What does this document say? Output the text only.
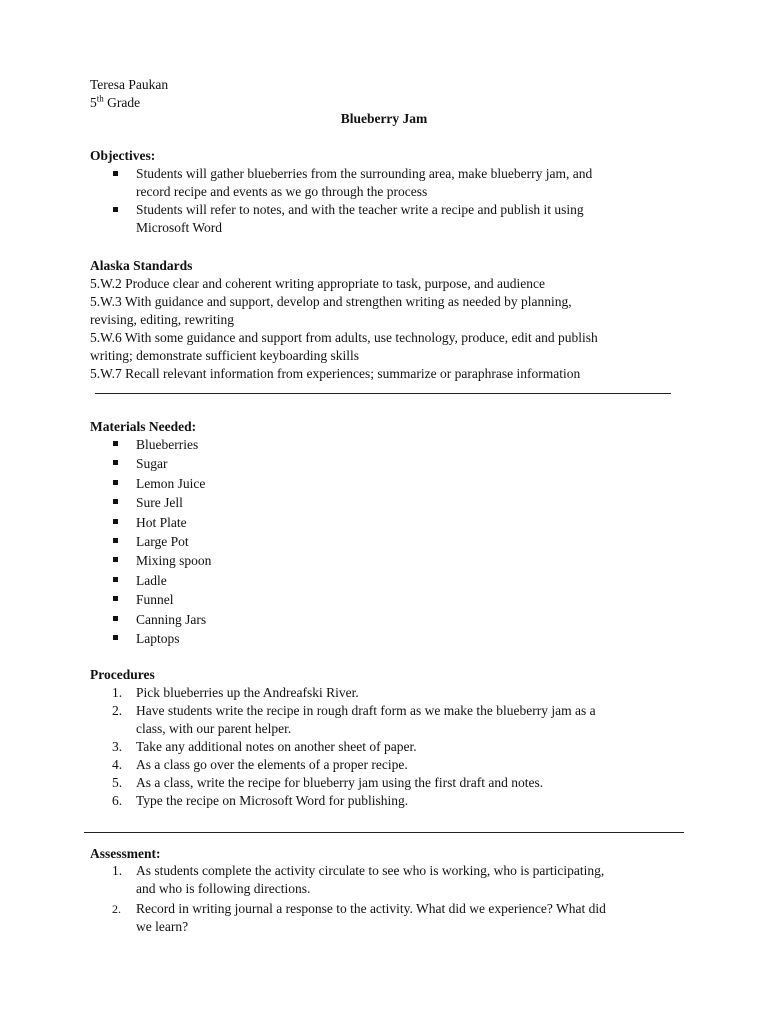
Teresa Paukan

5th Grade

Blueberry Jam

Objectives:

Students will gather blueberries from the surrounding area, make blueberry jam, and
record recipe and events as we go through the process
Students will refer to notes, and with the teacher write a recipe and publish it using
Microsoft Word

Alaska Standards

5.W.2 Produce clear and coherent writing appropriate to task, purpose, and audience
5.W.3 With guidance and support, develop and strengthen writing as needed by planning,
revising, editing, rewriting
5.W.6 With some guidance and support from adults, use technology, produce, edit and publish
writing; demonstrate sufficient keyboarding skills
5.W.7 Recall relevant information from experiences; summarize or paraphrase information

Materials Needed:

Blueberries
Sugar
Lemon Juice
Sure Jell
Hot Plate
Large Pot
Mixing spoon
Ladle
Funnel
Canning Jars
Laptops

Procedures

1. Pick blueberries up the Andreafski River.
2. Have students write the recipe in rough draft form as we make the blueberry jam as a
class, with our parent helper.
3. Take any additional notes on another sheet of paper.
4. As a class go over the elements of a proper recipe.
5. As a class, write the recipe for blueberry jam using the first draft and notes.
6. Type the recipe on Microsoft Word for publishing.

Assessment:

1. As students complete the activity circulate to see who is working, who is participating,
and who is following directions.
2. Record in writing journal a response to the activity. What did we experience? What did
we learn?
